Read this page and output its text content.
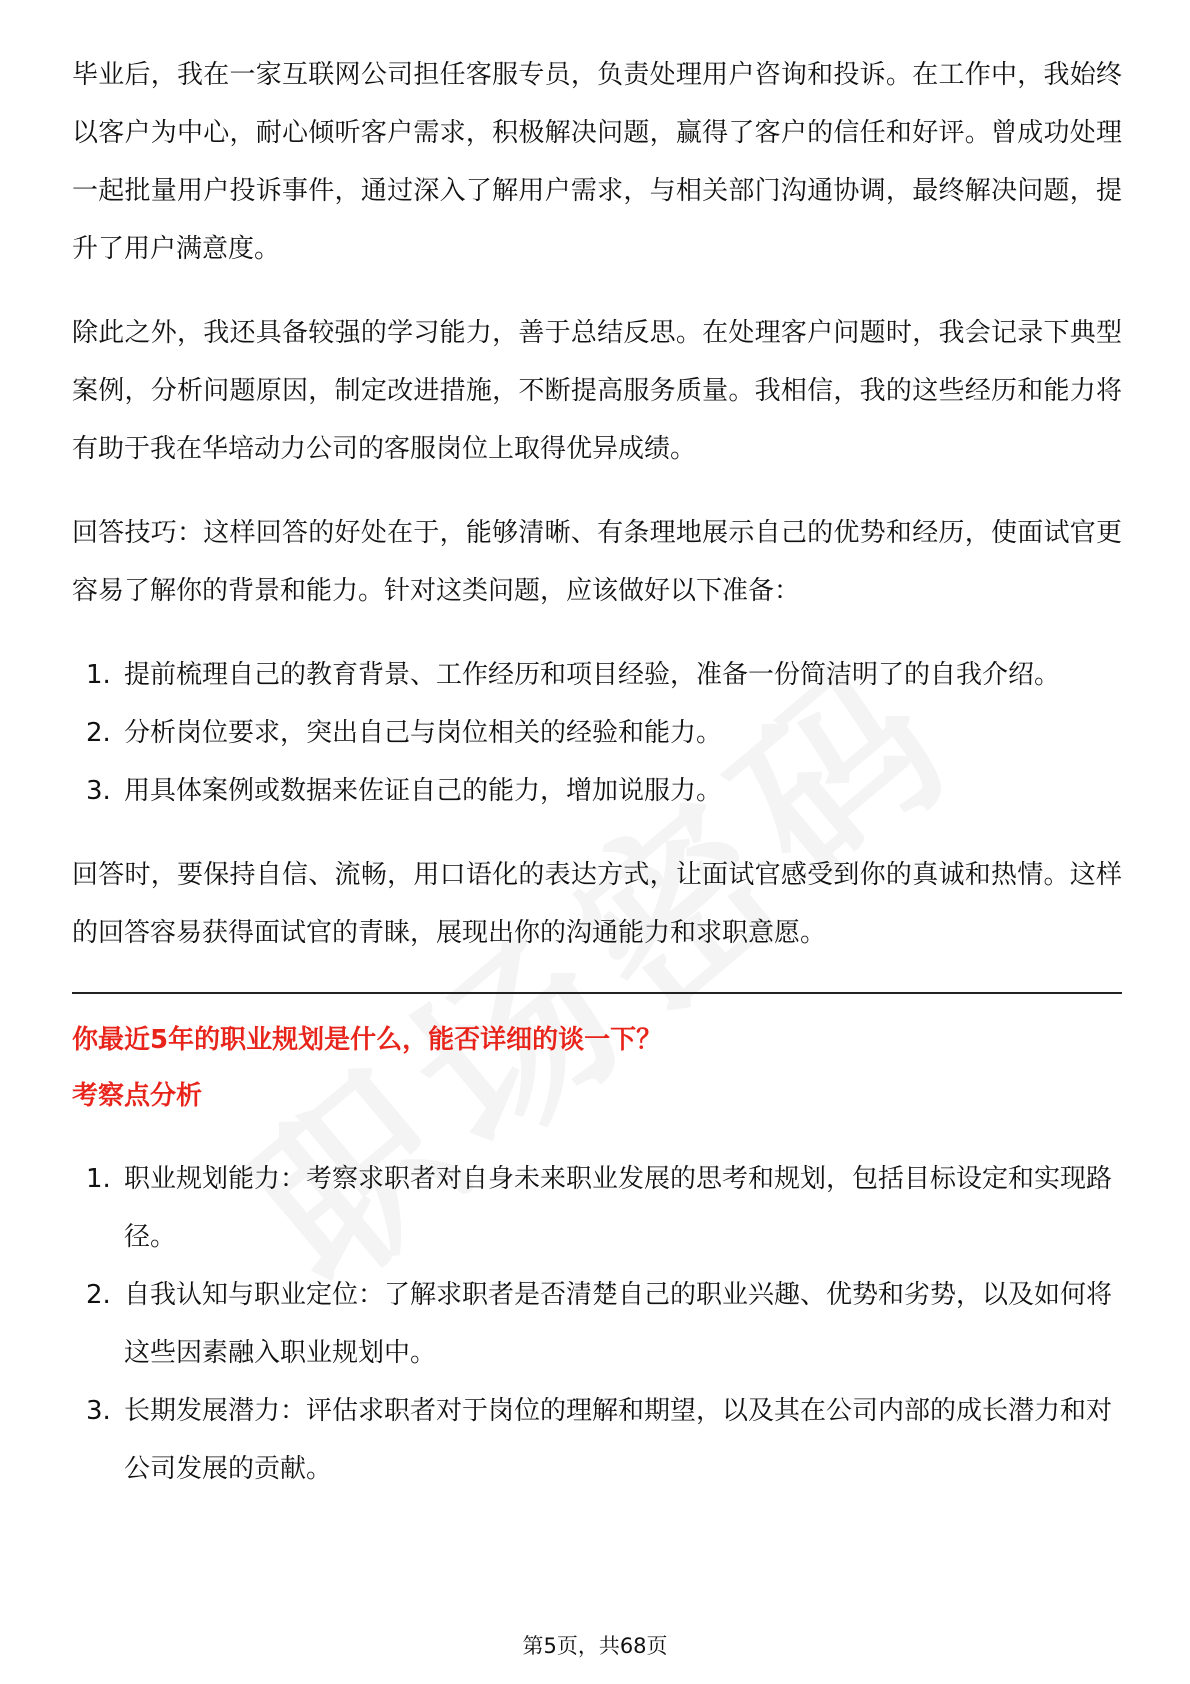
毕业后，我在一家互联网公司担任客服专员，负责处理用户咨询和投诉。在工作中，我始终以客户为中心，耐心倾听客户需求，积极解决问题，赢得了客户的信任和好评。曾成功处理一起批量用户投诉事件，通过深入了解用户需求，与相关部门沟通协调，最终解决问题，提升了用户满意度。

除此之外，我还具备较强的学习能力，善于总结反思。在处理客户问题时，我会记录下典型案例，分析问题原因，制定改进措施，不断提高服务质量。我相信，我的这些经历和能力将有助于我在华培动力公司的客服岗位上取得优异成绩。

回答技巧：这样回答的好处在于，能够清晰、有条理地展示自己的优势和经历，使面试官更容易了解你的背景和能力。针对这类问题，应该做好以下准备：

1. 提前梳理自己的教育背景、工作经历和项目经验，准备一份简洁明了的自我介绍。
2. 分析岗位要求，突出自己与岗位相关的经验和能力。
3. 用具体案例或数据来佐证自己的能力，增加说服力。

回答时，要保持自信、流畅，用口语化的表达方式，让面试官感受到你的真诚和热情。这样的回答容易获得面试官的青睐，展现出你的沟通能力和求职意愿。

你最近5年的职业规划是什么，能否详细的谈一下？
考察点分析
1. 职业规划能力：考察求职者对自身未来职业发展的思考和规划，包括目标设定和实现路径。
2. 自我认知与职业定位：了解求职者是否清楚自己的职业兴趣、优势和劣势，以及如何将这些因素融入职业规划中。
3. 长期发展潜力：评估求职者对于岗位的理解和期望，以及其在公司内部的成长潜力和对公司发展的贡献。
第5页，共68页
